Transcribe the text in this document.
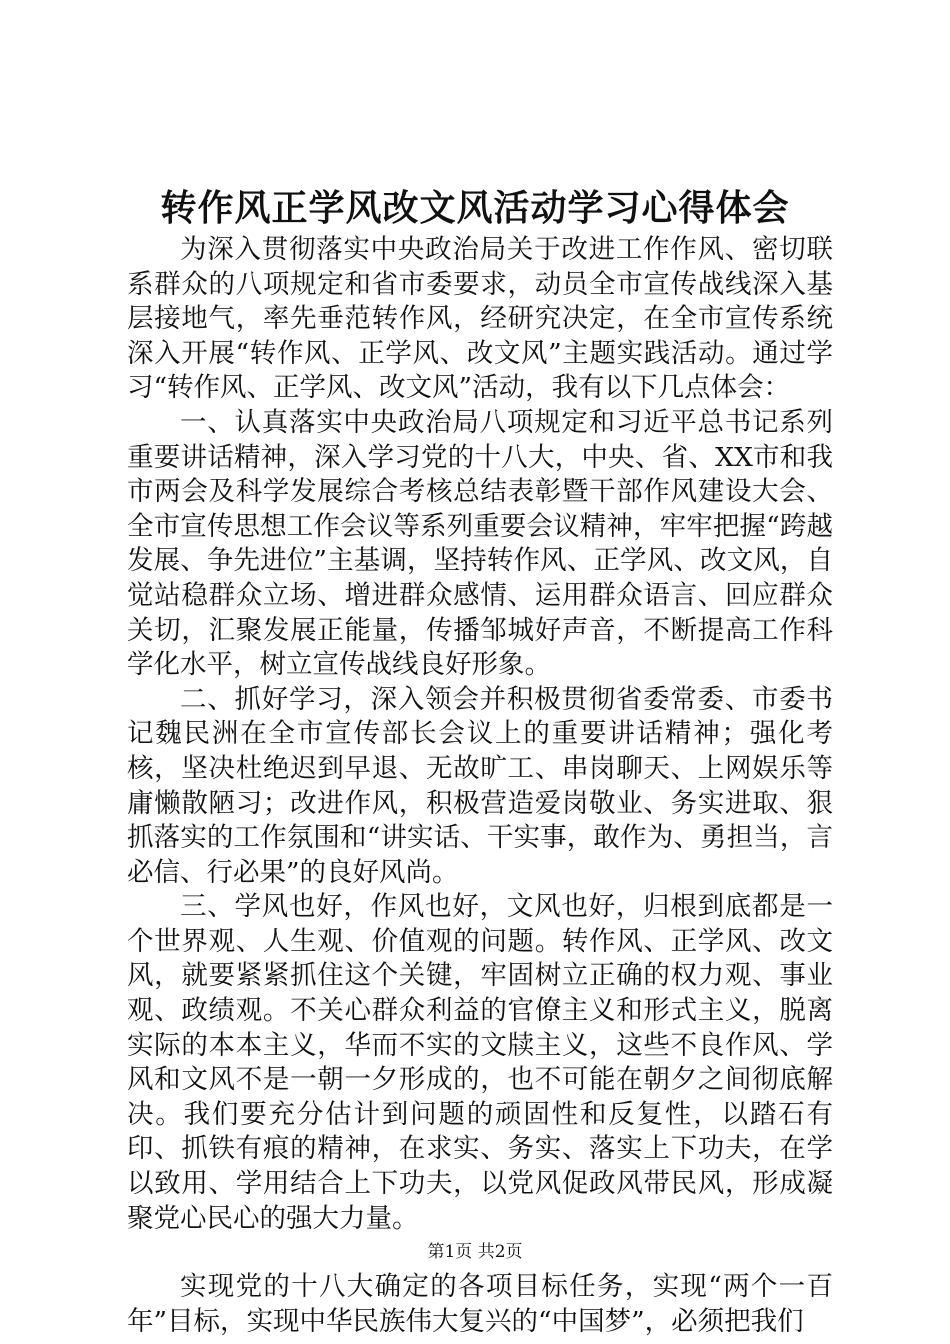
转作风正学风改文风活动学习心得体会

为深入贯彻落实中央政治局关于改进工作作风、密切联系群众的八项规定和省市委要求，动员全市宣传战线深入基层接地气，率先垂范转作风，经研究决定，在全市宣传系统深入开展“转作风、正学风、改文风”主题实践活动。通过学习“转作风、正学风、改文风”活动，我有以下几点体会：

一、认真落实中央政治局八项规定和习近平总书记系列重要讲话精神，深入学习党的十八大，中央、省、XX市和我市两会及科学发展综合考核总结表彰暨干部作风建设大会、全市宣传思想工作会议等系列重要会议精神，牢牢把握“跨越发展、争先进位”主基调，坚持转作风、正学风、改文风，自觉站稳群众立场、增进群众感情、运用群众语言、回应群众关切，汇聚发展正能量，传播邹城好声音，不断提高工作科学化水平，树立宣传战线良好形象。

二、抓好学习，深入领会并积极贯彻省委常委、市委书记魏民洲在全市宣传部长会议上的重要讲话精神；强化考核，坚决杜绝迟到早退、无故旷工、串岗聊天、上网娱乐等庸懒散陋习；改进作风，积极营造爱岗敬业、务实进取、狠抓落实的工作氛围和“讲实话、干实事，敢作为、勇担当，言必信、行必果”的良好风尚。

三、学风也好，作风也好，文风也好，归根到底都是一个世界观、人生观、价值观的问题。转作风、正学风、改文风，就要紧紧抓住这个关键，牢固树立正确的权力观、事业观、政绩观。不关心群众利益的官僚主义和形式主义，脱离实际的本本主义，华而不实的文牍主义，这些不良作风、学风和文风不是一朝一夕形成的，也不可能在朝夕之间彻底解决。我们要充分估计到问题的顽固性和反复性，以踏石有印、抓铁有痕的精神，在求实、务实、落实上下功夫，在学以致用、学用结合上下功夫，以党风促政风带民风，形成凝聚党心民心的强大力量。

实现党的十八大确定的各项目标任务，实现“两个一百年”目标，实现中华民族伟大复兴的“中国梦”，必须把我们

第1页 共2页
